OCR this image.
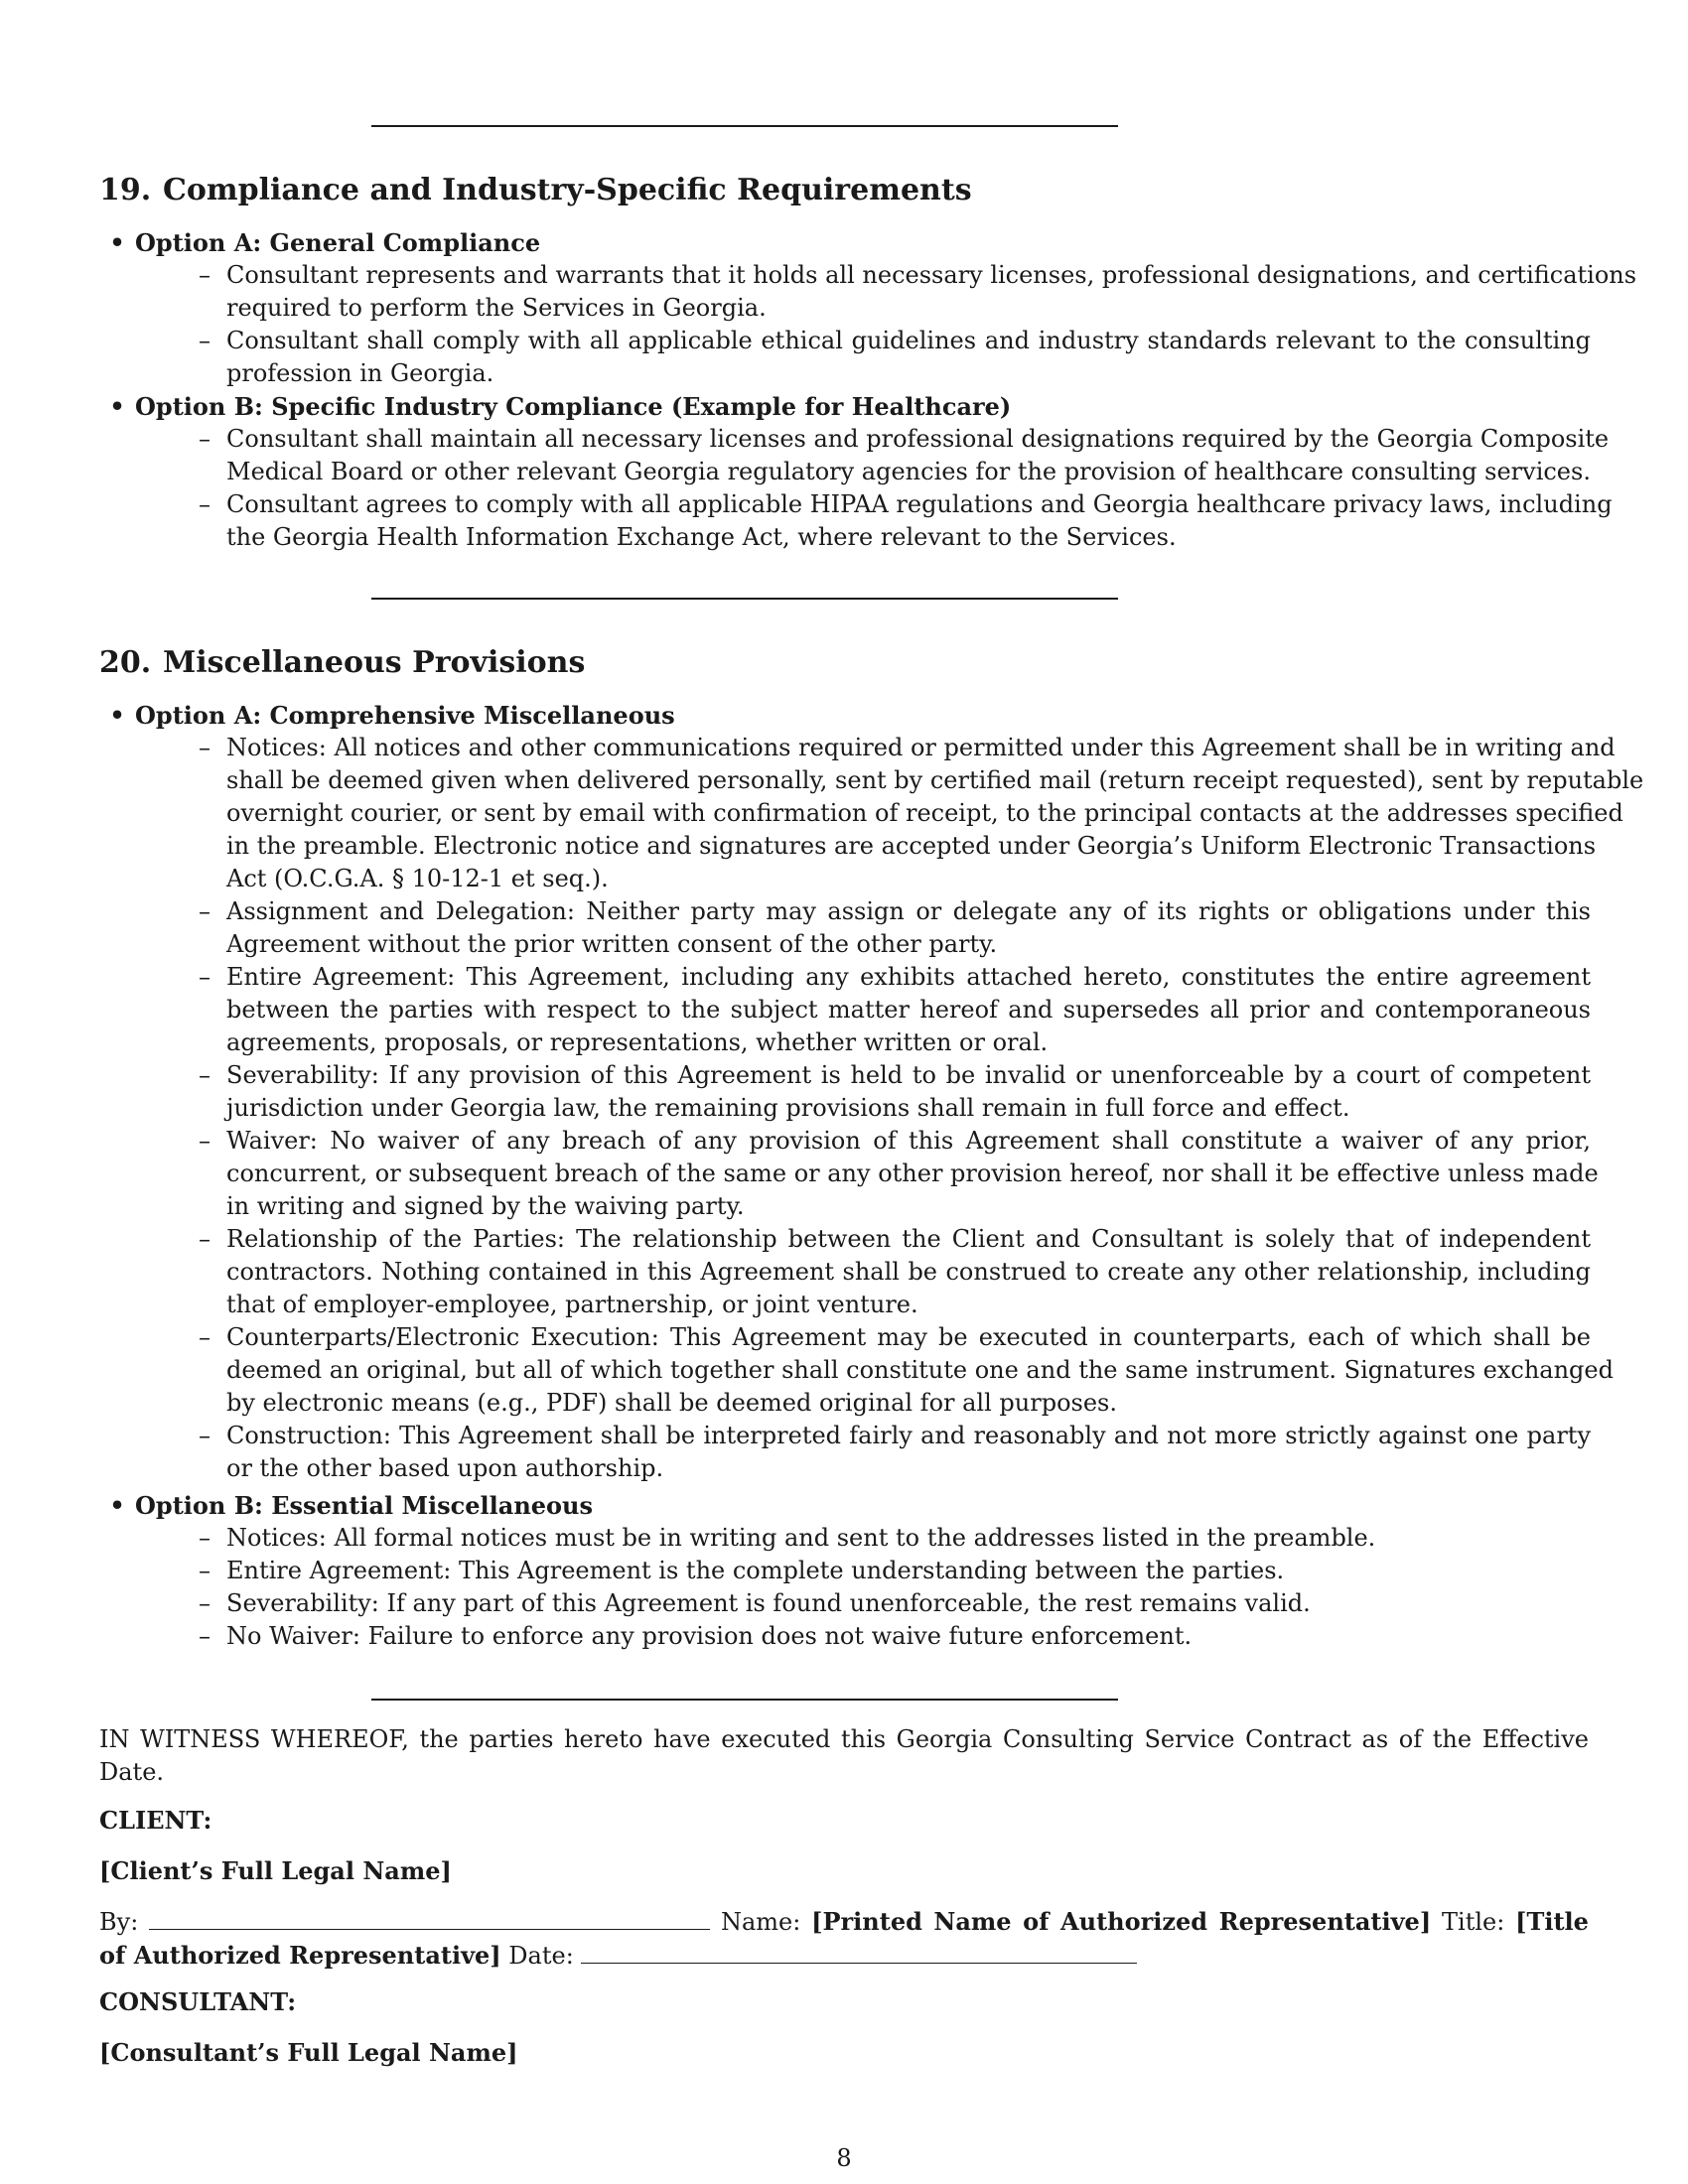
19. Compliance and Industry-Specific Requirements
• Option A: General Compliance
– Consultant represents and warrants that it holds all necessary licenses, professional designations, and certifications
required to perform the Services in Georgia.
– Consultant shall comply with all applicable ethical guidelines and industry standards relevant to the consulting
profession in Georgia.
• Option B: Specific Industry Compliance (Example for Healthcare)
– Consultant shall maintain all necessary licenses and professional designations required by the Georgia Composite
Medical Board or other relevant Georgia regulatory agencies for the provision of healthcare consulting services.
– Consultant agrees to comply with all applicable HIPAA regulations and Georgia healthcare privacy laws, including
the Georgia Health Information Exchange Act, where relevant to the Services.
20. Miscellaneous Provisions
• Option A: Comprehensive Miscellaneous
– Notices: All notices and other communications required or permitted under this Agreement shall be in writing and
shall be deemed given when delivered personally, sent by certified mail (return receipt requested), sent by reputable
overnight courier, or sent by email with confirmation of receipt, to the principal contacts at the addresses specified
in the preamble. Electronic notice and signatures are accepted under Georgia’s Uniform Electronic Transactions
Act (O.C.G.A. § 10-12-1 et seq.).
– Assignment and Delegation: Neither party may assign or delegate any of its rights or obligations under this
Agreement without the prior written consent of the other party.
– Entire Agreement: This Agreement, including any exhibits attached hereto, constitutes the entire agreement
between the parties with respect to the subject matter hereof and supersedes all prior and contemporaneous
agreements, proposals, or representations, whether written or oral.
– Severability: If any provision of this Agreement is held to be invalid or unenforceable by a court of competent
jurisdiction under Georgia law, the remaining provisions shall remain in full force and effect.
– Waiver: No waiver of any breach of any provision of this Agreement shall constitute a waiver of any prior,
concurrent, or subsequent breach of the same or any other provision hereof, nor shall it be effective unless made
in writing and signed by the waiving party.
– Relationship of the Parties: The relationship between the Client and Consultant is solely that of independent
contractors. Nothing contained in this Agreement shall be construed to create any other relationship, including
that of employer-employee, partnership, or joint venture.
– Counterparts/Electronic Execution: This Agreement may be executed in counterparts, each of which shall be
deemed an original, but all of which together shall constitute one and the same instrument. Signatures exchanged
by electronic means (e.g., PDF) shall be deemed original for all purposes.
– Construction: This Agreement shall be interpreted fairly and reasonably and not more strictly against one party
or the other based upon authorship.
• Option B: Essential Miscellaneous
– Notices: All formal notices must be in writing and sent to the addresses listed in the preamble.
– Entire Agreement: This Agreement is the complete understanding between the parties.
– Severability: If any part of this Agreement is found unenforceable, the rest remains valid.
– No Waiver: Failure to enforce any provision does not waive future enforcement.
IN WITNESS WHEREOF, the parties hereto have executed this Georgia Consulting Service Contract as of the Effective
Date.
CLIENT:
[Client’s Full Legal Name]
By:	Name: [Printed Name of Authorized Representative] Title: [Title
of Authorized Representative] Date:
CONSULTANT:
[Consultant’s Full Legal Name]
8
